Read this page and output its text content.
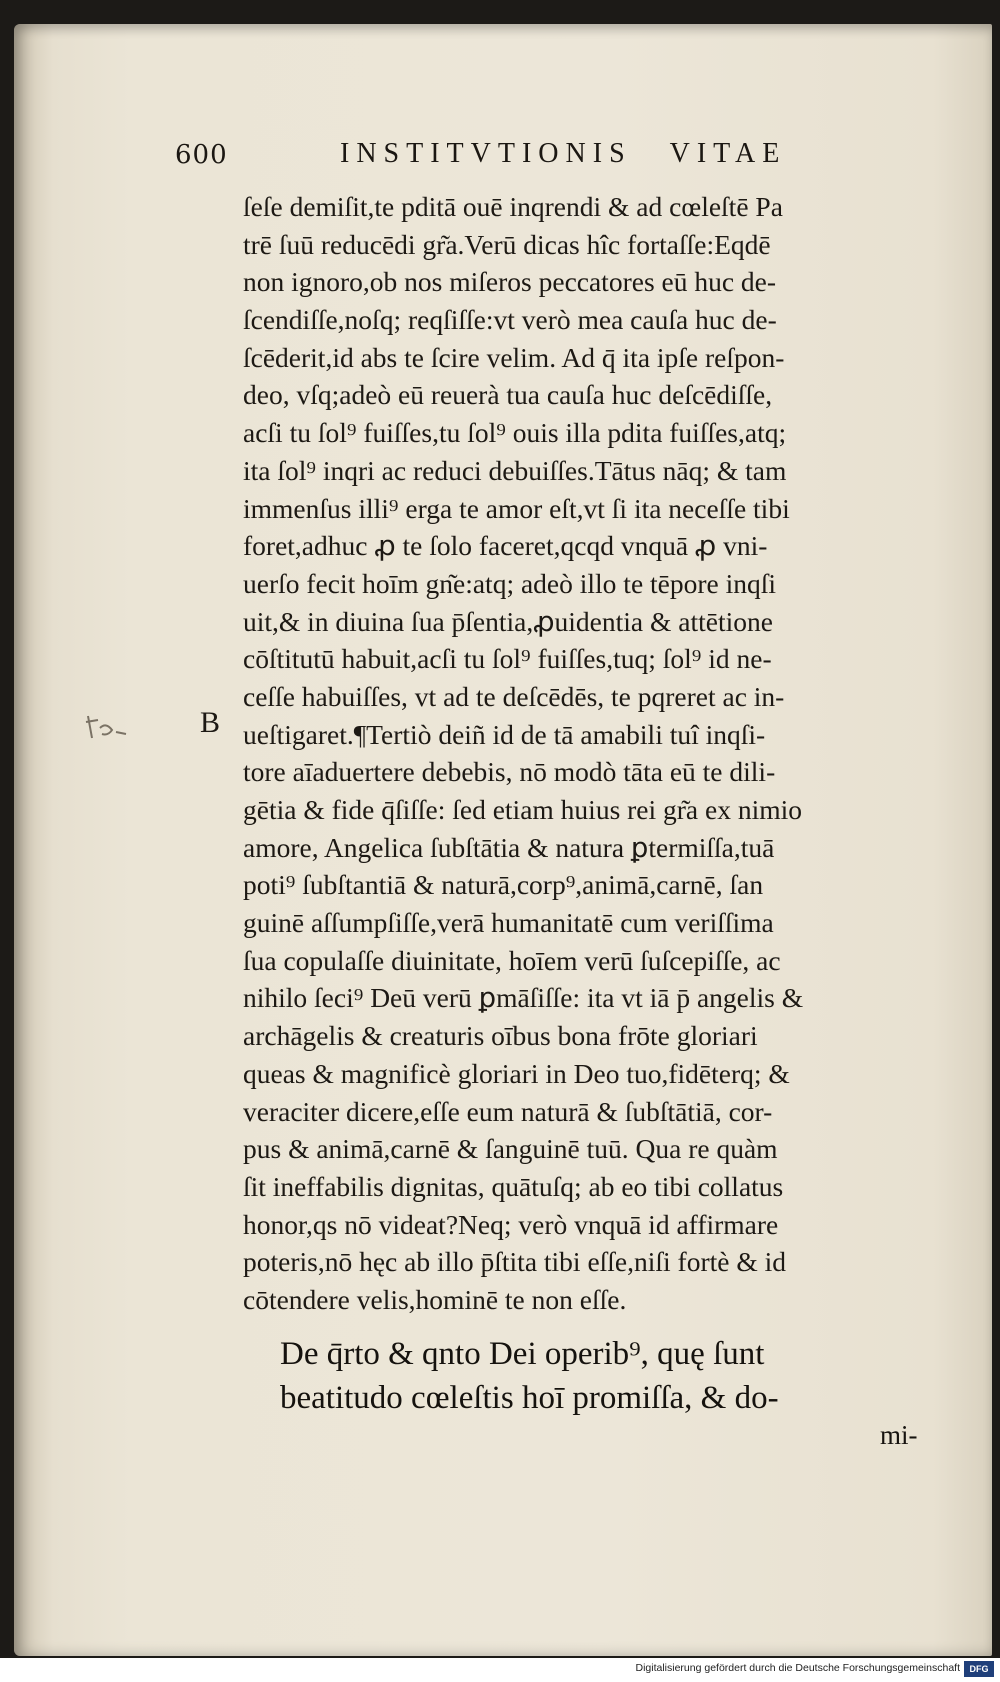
600	INSTITVTIONIS VITAE
B
ſeſe demiſit,te pditā ouē inqrendi & ad cœleſtē Pa
trē ſuū reducēdi gr͂a.Verū dicas hîc fortaſſe:Eqdē
non ignoro,ob nos miſeros peccatores eū huc de-
ſcendiſſe,noſq; reqſiſſe:vt verò mea cauſa huc de-
ſcēderit,id abs te ſcire velim. Ad q̄ ita ipſe reſpon-
deo, vſq;adeò eū reuerà tua cauſa huc deſcēdiſſe,
acſi tu ſol⁹ fuiſſes,tu ſol⁹ ouis illa pdita fuiſſes,atq;
ita ſol⁹ inqri ac reduci debuiſſes.Tātus nāq; & tam
immenſus illi⁹ erga te amor eſt,vt ſi ita neceſſe tibi
foret,adhuc ꝓ te ſolo faceret,qcqd vnquā ꝓ vni-
uerſo fecit hoīm gn͂e:atq; adeò illo te tēpore inqſi
uit,& in diuina ſua p̄ſentia,ꝓuidentia & attētione
cōſtitutū habuit,acſi tu ſol⁹ fuiſſes,tuq; ſol⁹ id ne-
ceſſe habuiſſes, vt ad te deſcēdēs, te pqreret ac in-
ueſtigaret.¶Tertiò deiñ id de tā amabili tuî inqſi-
tore aīaduertere debebis, nō modò tāta eū te dili-
gētia & fide q̄ſiſſe: ſed etiam huius rei gr͂a ex nimio
amore, Angelica ſubſtātia & natura ꝑtermiſſa,tuā
poti⁹ ſubſtantiā & naturā,corp⁹,animā,carnē, ſan
guinē aſſumpſiſſe,verā humanitatē cum veriſſima
ſua copulaſſe diuinitate, hoīem verū ſuſcepiſſe, ac
nihilo ſeci⁹ Deū verū ꝑmāſiſſe: ita vt iā p̄ angelis &
archāgelis & creaturis oībus bona frōte gloriari
queas & magnificè gloriari in Deo tuo,fidēterq; &
veraciter dicere,eſſe eum naturā & ſubſtātiā, cor-
pus & animā,carnē & ſanguinē tuū. Qua re quàm
ſit ineffabilis dignitas, quātuſq; ab eo tibi collatus
honor,qs nō videat?Neq; verò vnquā id affirmare
poteris,nō hęc ab illo p̄ſtita tibi eſſe,niſi fortè & id
cōtendere velis,hominē te non eſſe.
De q̄rto & qnto Dei operib⁹, quę ſunt
beatitudo cœleſtis hoī promiſſa, & do-
mi-
Digitalisierung gefördert durch die Deutsche Forschungsgemeinschaft	DFG
